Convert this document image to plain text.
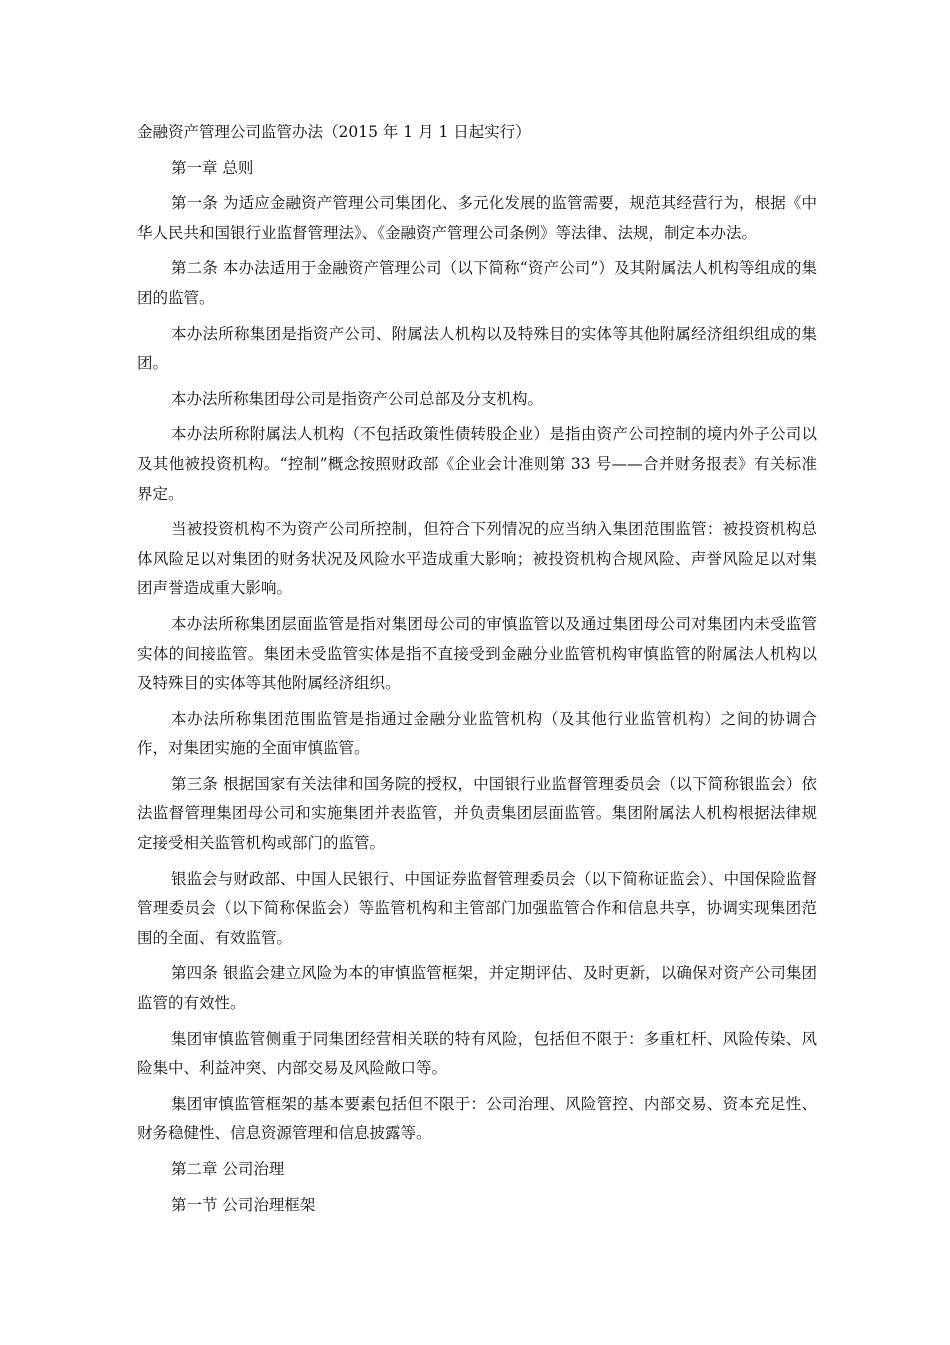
金融资产管理公司监管办法（2015 年 1 月 1 日起实行）

第一章 总则

第一条 为适应金融资产管理公司集团化、多元化发展的监管需要，规范其经营行为，根据《中华人民共和国银行业监督管理法》、《金融资产管理公司条例》等法律、法规，制定本办法。

第二条 本办法适用于金融资产管理公司（以下简称“资产公司”）及其附属法人机构等组成的集团的监管。

本办法所称集团是指资产公司、附属法人机构以及特殊目的实体等其他附属经济组织组成的集团。

本办法所称集团母公司是指资产公司总部及分支机构。

本办法所称附属法人机构（不包括政策性债转股企业）是指由资产公司控制的境内外子公司以及其他被投资机构。“控制”概念按照财政部《企业会计准则第 33 号——合并财务报表》有关标准界定。

当被投资机构不为资产公司所控制，但符合下列情况的应当纳入集团范围监管：被投资机构总体风险足以对集团的财务状况及风险水平造成重大影响；被投资机构合规风险、声誉风险足以对集团声誉造成重大影响。

本办法所称集团层面监管是指对集团母公司的审慎监管以及通过集团母公司对集团内未受监管实体的间接监管。集团未受监管实体是指不直接受到金融分业监管机构审慎监管的附属法人机构以及特殊目的实体等其他附属经济组织。

本办法所称集团范围监管是指通过金融分业监管机构（及其他行业监管机构）之间的协调合作，对集团实施的全面审慎监管。

第三条 根据国家有关法律和国务院的授权，中国银行业监督管理委员会（以下简称银监会）依法监督管理集团母公司和实施集团并表监管，并负责集团层面监管。集团附属法人机构根据法律规定接受相关监管机构或部门的监管。

银监会与财政部、中国人民银行、中国证券监督管理委员会（以下简称证监会）、中国保险监督管理委员会（以下简称保监会）等监管机构和主管部门加强监管合作和信息共享，协调实现集团范围的全面、有效监管。

第四条 银监会建立风险为本的审慎监管框架，并定期评估、及时更新，以确保对资产公司集团监管的有效性。

集团审慎监管侧重于同集团经营相关联的特有风险，包括但不限于：多重杠杆、风险传染、风险集中、利益冲突、内部交易及风险敞口等。

集团审慎监管框架的基本要素包括但不限于：公司治理、风险管控、内部交易、资本充足性、财务稳健性、信息资源管理和信息披露等。

第二章 公司治理

第一节 公司治理框架
